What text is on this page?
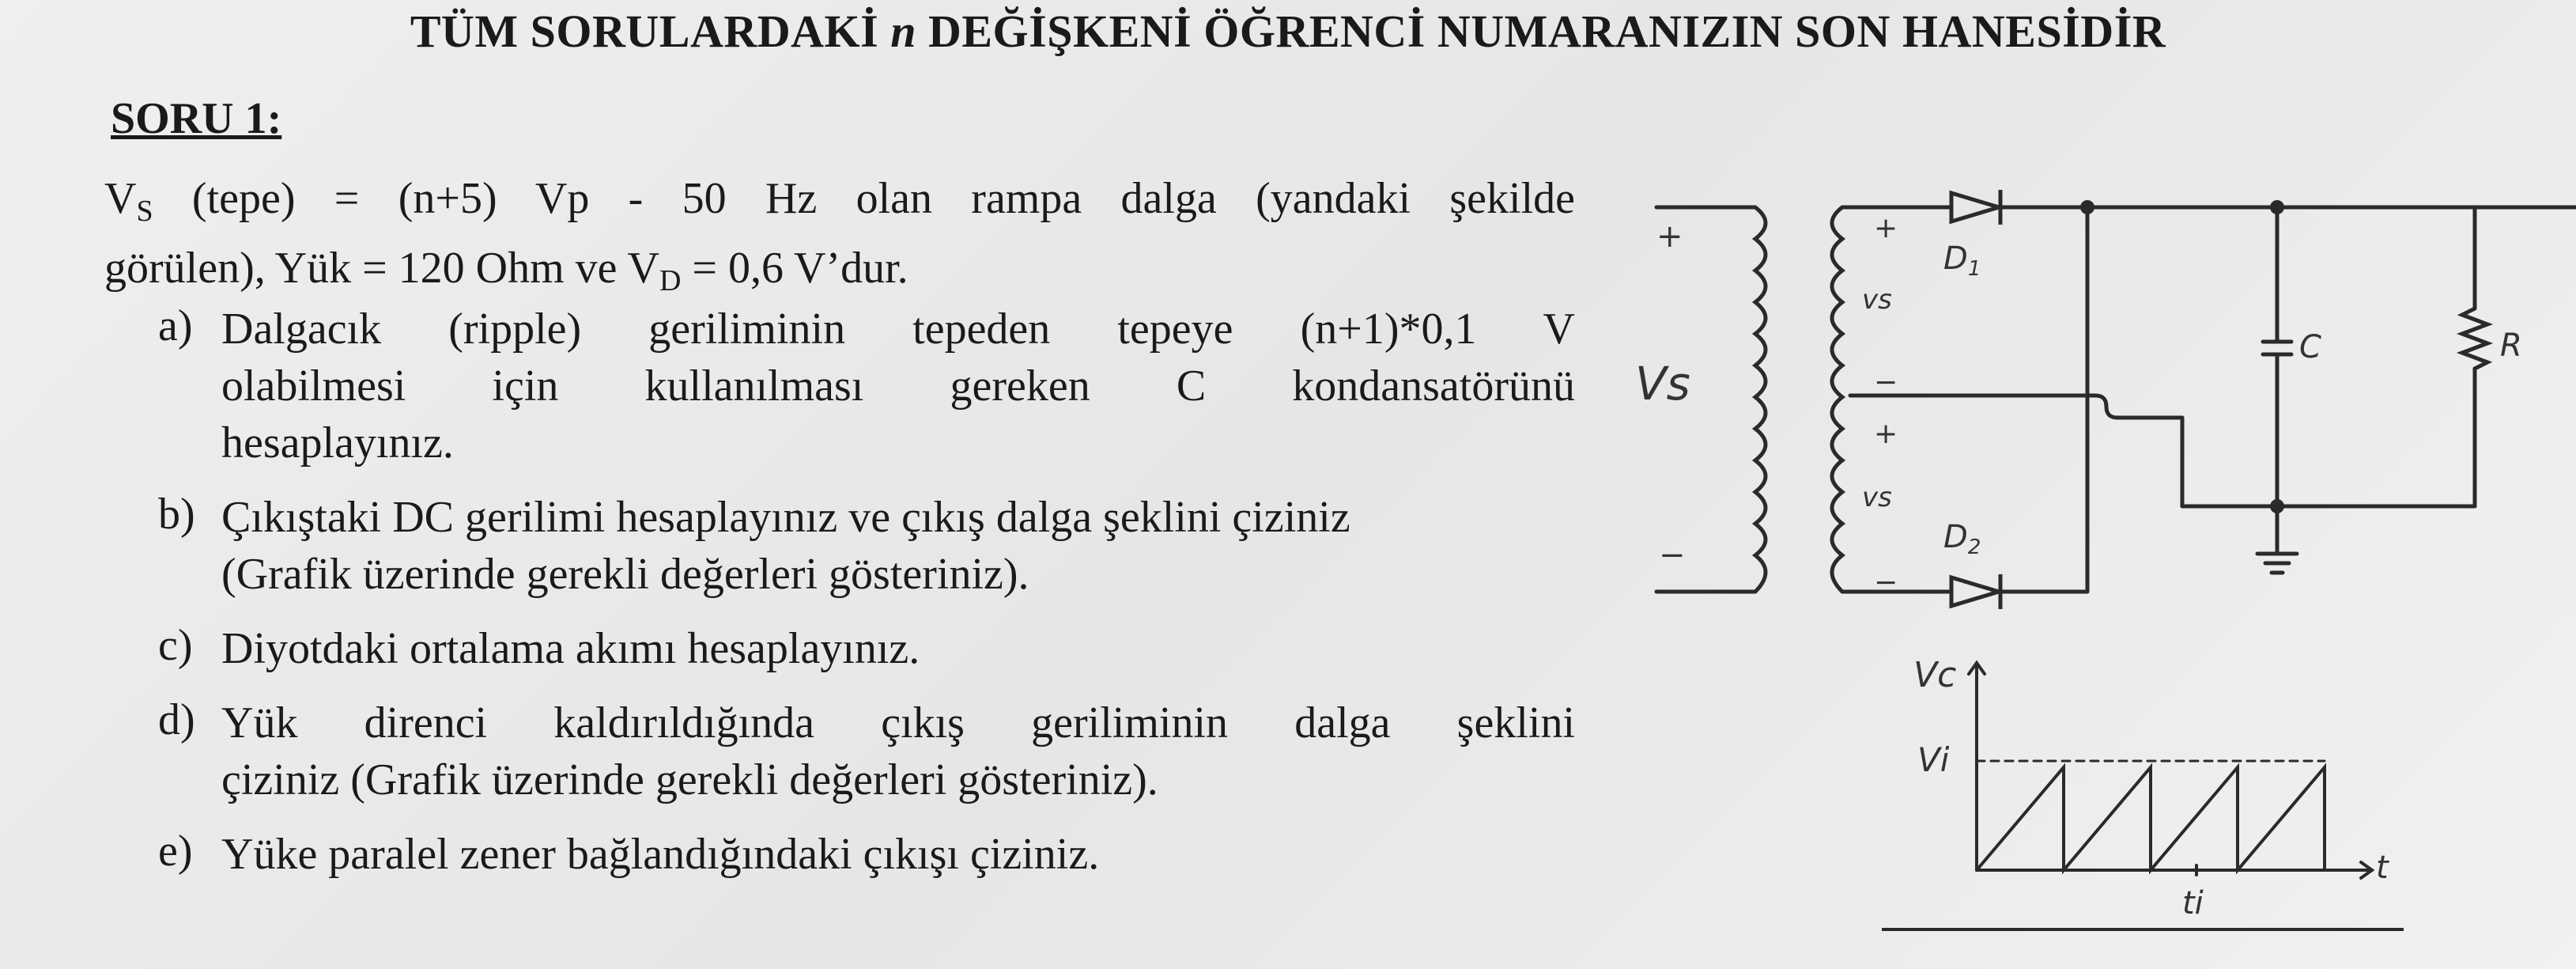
TÜM SORULARDAKİ n DEĞİŞKENİ ÖĞRENCİ NUMARANIZIN SON HANESİDİR
SORU 1:
$V_S$ (tepe) = (n+5) Vp - 50 Hz olan rampa dalga (yandaki şekilde
görülen), Yük = 120 Ohm ve $V_D = 0,6$ V’dur.
a) Dalgacık (ripple) geriliminin tepeden tepeye (n+1)*0,1 V
olabilmesi için kullanılması gereken C kondansatörünü
hesaplayınız.
b) Çıkıştaki DC gerilimi hesaplayınız ve çıkış dalga şeklini çiziniz
(Grafik üzerinde gerekli değerleri gösteriniz).
c) Diyotdaki ortalama akımı hesaplayınız.
d) Yük direnci kaldırıldığında çıkış geriliminin dalga şeklini
çiziniz (Grafik üzerinde gerekli değerleri gösteriniz).
e) Yüke paralel zener bağlandığındaki çıkışı çiziniz.
+
−
Vs
+
vs
−
+
vs
−
$D_1$
$D_2$
C	R
Vc
Vi
t
ti
